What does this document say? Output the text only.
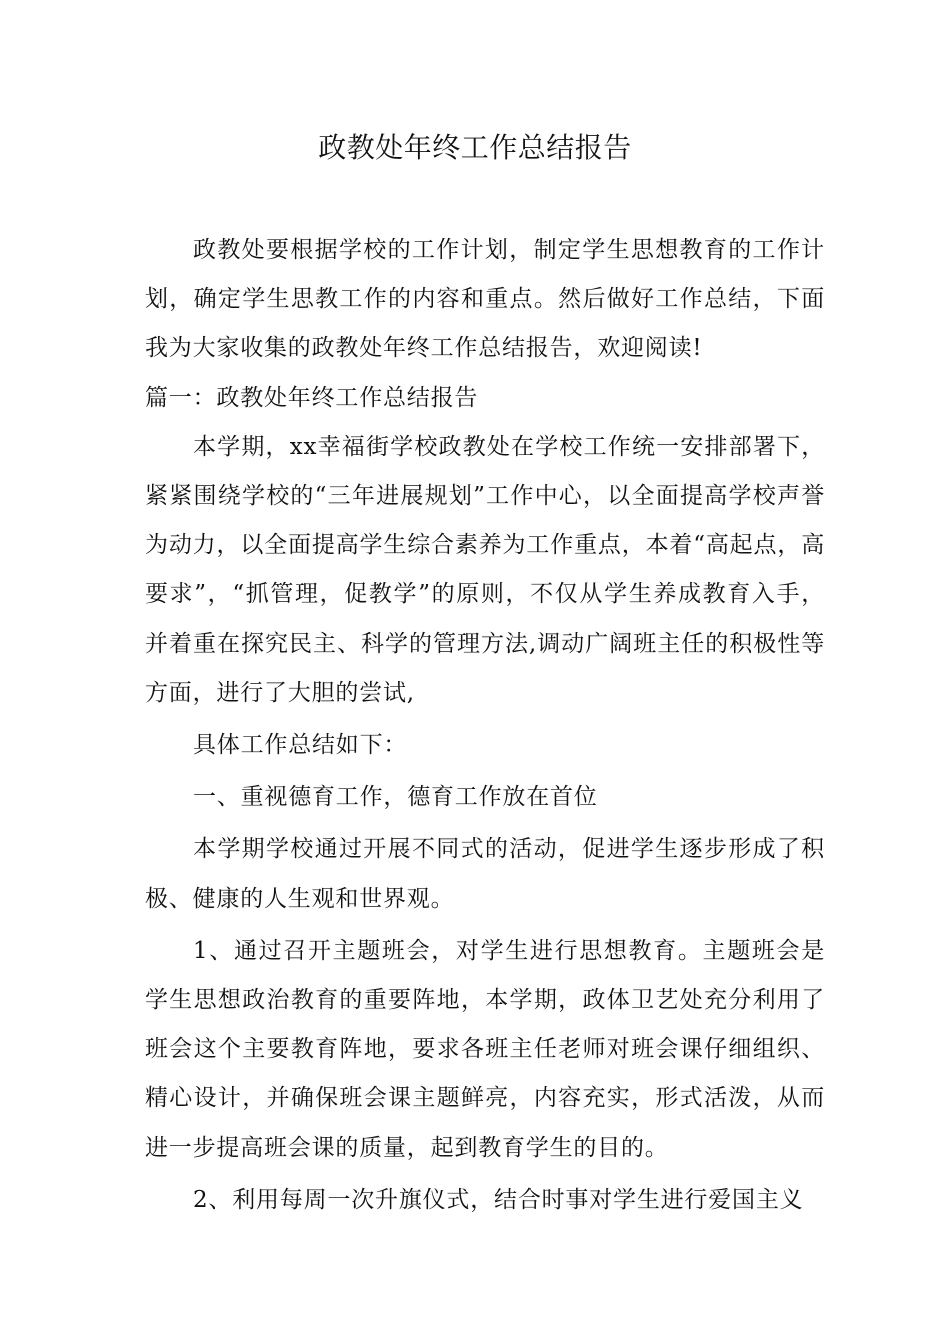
政教处年终工作总结报告

政教处要根据学校的工作计划，制定学生思想教育的工作计划，确定学生思教工作的内容和重点。然后做好工作总结，下面我为大家收集的政教处年终工作总结报告，欢迎阅读!

篇一：政教处年终工作总结报告

本学期，xx幸福街学校政教处在学校工作统一安排部署下，紧紧围绕学校的“三年进展规划”工作中心，以全面提高学校声誉为动力，以全面提高学生综合素养为工作重点，本着“高起点，高要求”，“抓管理，促教学”的原则，不仅从学生养成教育入手，并着重在探究民主、科学的管理方法,调动广阔班主任的积极性等方面，进行了大胆的尝试,

具体工作总结如下：

一、重视德育工作，德育工作放在首位

本学期学校通过开展不同式的活动，促进学生逐步形成了积极、健康的人生观和世界观。

1、通过召开主题班会，对学生进行思想教育。主题班会是学生思想政治教育的重要阵地，本学期，政体卫艺处充分利用了班会这个主要教育阵地，要求各班主任老师对班会课仔细组织、精心设计，并确保班会课主题鲜亮，内容充实，形式活泼，从而进一步提高班会课的质量，起到教育学生的目的。

2、利用每周一次升旗仪式，结合时事对学生进行爱国主义
